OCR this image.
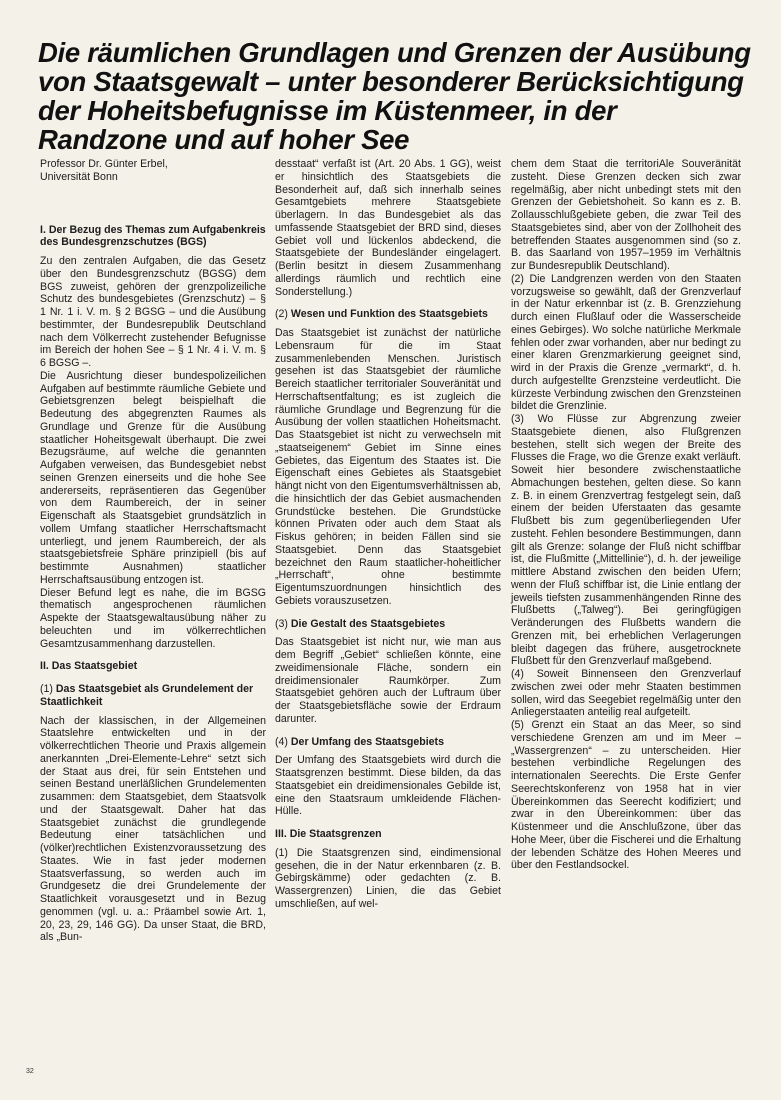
Die räumlichen Grundlagen und Grenzen der Ausübung
von Staatsgewalt – unter besonderer Berücksichtigung
der Hoheitsbefugnisse im Küstenmeer, in der
Randzone und auf hoher See
Professor Dr. Günter Erbel,
Universität Bonn
I. Der Bezug des Themas zum Aufgabenkreis des Bundesgrenzschutzes (BGS)

Zu den zentralen Aufgaben, die das Gesetz über den Bundesgrenzschutz (BGSG) dem BGS zuweist, gehören der grenzpolizeiliche Schutz des bundesgebietes (Grenzschutz) – § 1 Nr. 1 i. V. m. § 2 BGSG – und die Ausübung bestimmter, der Bundesrepublik Deutschland nach dem Völkerrecht zustehender Befugnisse im Bereich der hohen See – § 1 Nr. 4 i. V. m. § 6 BGSG –.

Die Ausrichtung dieser bundespolizeilichen Aufgaben auf bestimmte räumliche Gebiete und Gebietsgrenzen belegt beispielhaft die Bedeutung des abgegrenzten Raumes als Grundlage und Grenze für die Ausübung staatlicher Hoheitsgewalt überhaupt. Die zwei Bezugsräume, auf welche die genannten Aufgaben verweisen, das Bundesgebiet nebst seinen Grenzen einerseits und die hohe See andererseits, repräsentieren das Gegenüber von dem Raumbereich, der in seiner Eigenschaft als Staatsgebiet grundsätzlich in vollem Umfang staatlicher Herrschaftsmacht unterliegt, und jenem Raumbereich, der als staatsgebietsfreie Sphäre prinzipiell (bis auf bestimmte Ausnahmen) staatlicher Herrschaftsausübung entzogen ist.

Dieser Befund legt es nahe, die im BGSG thematisch angesprochenen räumlichen Aspekte der Staatsgewaltausübung näher zu beleuchten und im völkerrechtlichen Gesamtzusammenhang darzustellen.

II. Das Staatsgebiet
(1) Das Staatsgebiet als Grundelement der Staatlichkeit

Nach der klassischen, in der Allgemeinen Staatslehre entwickelten und in der völkerrechtlichen Theorie und Praxis allgemein anerkannten „Drei-Elemente-Lehre“ setzt sich der Staat aus drei, für sein Entstehen und seinen Bestand unerläßlichen Grundelementen zusammen: dem Staatsgebiet, dem Staatsvolk und der Staatsgewalt. Daher hat das Staatsgebiet zunächst die grundlegende Bedeutung einer tatsächlichen und (völker)rechtlichen Existenzvoraussetzung des Staates. Wie in fast jeder modernen Staatsverfassung, so werden auch im Grundgesetz die drei Grundelemente der Staatlichkeit vorausgesetzt und in Bezug genommen (vgl. u. a.: Präambel sowie Art. 1, 20, 23, 29, 146 GG). Da unser Staat, die BRD, als „Bun-

desstaat“ verfaßt ist (Art. 20 Abs. 1 GG), weist er hinsichtlich des Staatsgebiets die Besonderheit auf, daß sich innerhalb seines Gesamtgebiets mehrere Staatsgebiete überlagern. In das Bundesgebiet als das umfassende Staatsgebiet der BRD sind, dieses Gebiet voll und lückenlos abdeckend, die Staatsgebiete der Bundesländer eingelagert. (Berlin besitzt in diesem Zusammenhang allerdings räumlich und rechtlich eine Sonderstellung.)

(2) Wesen und Funktion des Staatsgebiets

Das Staatsgebiet ist zunächst der natürliche Lebensraum für die im Staat zusammenlebenden Menschen. Juristisch gesehen ist das Staatsgebiet der räumliche Bereich staatlicher territorialer Souveränität und Herrschaftsentfaltung; es ist zugleich die räumliche Grundlage und Begrenzung für die Ausübung der vollen staatlichen Hoheitsmacht. Das Staatsgebiet ist nicht zu verwechseln mit „staatseigenem“ Gebiet im Sinne eines Gebietes, das Eigentum des Staates ist. Die Eigenschaft eines Gebietes als Staatsgebiet hängt nicht von den Eigentumsverhältnissen ab, die hinsichtlich der das Gebiet ausmachenden Grundstücke bestehen. Die Grundstücke können Privaten oder auch dem Staat als Fiskus gehören; in beiden Fällen sind sie Staatsgebiet. Denn das Staatsgebiet bezeichnet den Raum staatlicher-hoheitlicher „Herrschaft“, ohne bestimmte Eigentumszuordnungen hinsichtlich des Gebiets vorauszusetzen.

(3) Die Gestalt des Staatsgebietes

Das Staatsgebiet ist nicht nur, wie man aus dem Begriff „Gebiet“ schließen könnte, eine zweidimensionale Fläche, sondern ein dreidimensionaler Raumkörper. Zum Staatsgebiet gehören auch der Luftraum über der Staatsgebietsfläche sowie der Erdraum darunter.

(4) Der Umfang des Staatsgebiets

Der Umfang des Staatsgebiets wird durch die Staatsgrenzen bestimmt. Diese bilden, da das Staatsgebiet ein dreidimensionales Gebilde ist, eine den Staatsraum umkleidende Flächen-Hülle.

III. Die Staatsgrenzen

(1) Die Staatsgrenzen sind, eindimensional gesehen, die in der Natur erkennbaren (z. B. Gebirgskämme) oder gedachten (z. B. Wassergrenzen) Linien, die das Gebiet umschließen, auf wel-

chem dem Staat die territoriAle Souveränität zusteht. Diese Grenzen decken sich zwar regelmäßig, aber nicht unbedingt stets mit den Grenzen der Gebietshoheit. So kann es z. B. Zollausschlußgebiete geben, die zwar Teil des Staatsgebietes sind, aber von der Zollhoheit des betreffenden Staates ausgenommen sind (so z. B. das Saarland von 1957–1959 im Verhältnis zur Bundesrepublik Deutschland).

(2) Die Landgrenzen werden von den Staaten vorzugsweise so gewählt, daß der Grenzverlauf in der Natur erkennbar ist (z. B. Grenzziehung durch einen Flußlauf oder die Wasserscheide eines Gebirges). Wo solche natürliche Merkmale fehlen oder zwar vorhanden, aber nur bedingt zu einer klaren Grenzmarkierung geeignet sind, wird in der Praxis die Grenze „vermarkt“, d. h. durch aufgestellte Grenzsteine verdeutlicht. Die kürzeste Verbindung zwischen den Grenzsteinen bildet die Grenzlinie.

(3) Wo Flüsse zur Abgrenzung zweier Staatsgebiete dienen, also Flußgrenzen bestehen, stellt sich wegen der Breite des Flusses die Frage, wo die Grenze exakt verläuft. Soweit hier besondere zwischenstaatliche Abmachungen bestehen, gelten diese. So kann z. B. in einem Grenzvertrag festgelegt sein, daß einem der beiden Uferstaaten das gesamte Flußbett bis zum gegenüberliegenden Ufer zusteht. Fehlen besondere Bestimmungen, dann gilt als Grenze: solange der Fluß nicht schiffbar ist, die Flußmitte („Mittellinie“), d. h. der jeweilige mittlere Abstand zwischen den beiden Ufern; wenn der Fluß schiffbar ist, die Linie entlang der jeweils tiefsten zusammenhängenden Rinne des Flußbetts („Talweg“). Bei geringfügigen Veränderungen des Flußbetts wandern die Grenzen mit, bei erheblichen Verlagerungen bleibt dagegen das frühere, ausgetrocknete Flußbett für den Grenzverlauf maßgebend.

(4) Soweit Binnenseen den Grenzverlauf zwischen zwei oder mehr Staaten bestimmen sollen, wird das Seegebiet regelmäßig unter den Anliegerstaaten anteilig real aufgeteilt.

(5) Grenzt ein Staat an das Meer, so sind verschiedene Grenzen am und im Meer – „Wassergrenzen“ – zu unterscheiden. Hier bestehen verbindliche Regelungen des internationalen Seerechts. Die Erste Genfer Seerechtskonferenz von 1958 hat in vier Übereinkommen das Seerecht kodifiziert; und zwar in den Übereinkommen: über das Küstenmeer und die Anschlußzone, über das Hohe Meer, über die Fischerei und die Erhaltung der lebenden Schätze des Hohen Meeres und über den Festlandsockel.

32
